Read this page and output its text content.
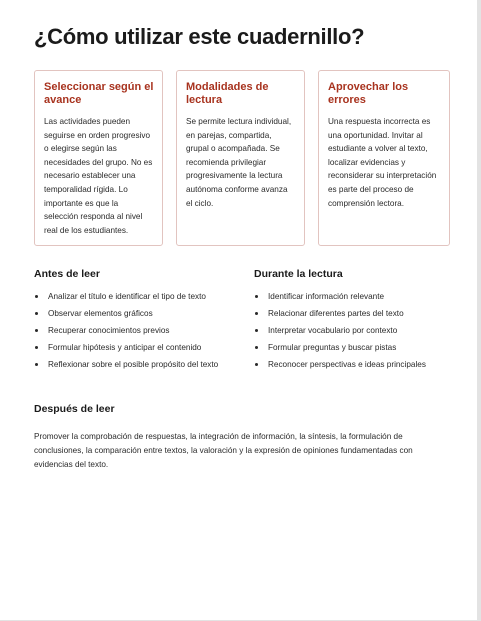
¿Cómo utilizar este cuadernillo?
Seleccionar según el avance

Las actividades pueden seguirse en orden progresivo o elegirse según las necesidades del grupo. No es necesario establecer una temporalidad rígida. Lo importante es que la selección responda al nivel real de los estudiantes.

Modalidades de lectura

Se permite lectura individual, en parejas, compartida, grupal o acompañada. Se recomienda privilegiar progresivamente la lectura autónoma conforme avanza el ciclo.

Aprovechar los errores

Una respuesta incorrecta es una oportunidad. Invitar al estudiante a volver al texto, localizar evidencias y reconsiderar su interpretación es parte del proceso de comprensión lectora.

Antes de leer
Analizar el título e identificar el tipo de texto
Observar elementos gráficos
Recuperar conocimientos previos
Formular hipótesis y anticipar el contenido
Reflexionar sobre el posible propósito del texto
Durante la lectura
Identificar información relevante
Relacionar diferentes partes del texto
Interpretar vocabulario por contexto
Formular preguntas y buscar pistas
Reconocer perspectivas e ideas principales
Después de leer

Promover la comprobación de respuestas, la integración de información, la síntesis, la formulación de conclusiones, la comparación entre textos, la valoración y la expresión de opiniones fundamentadas con evidencias del texto.
